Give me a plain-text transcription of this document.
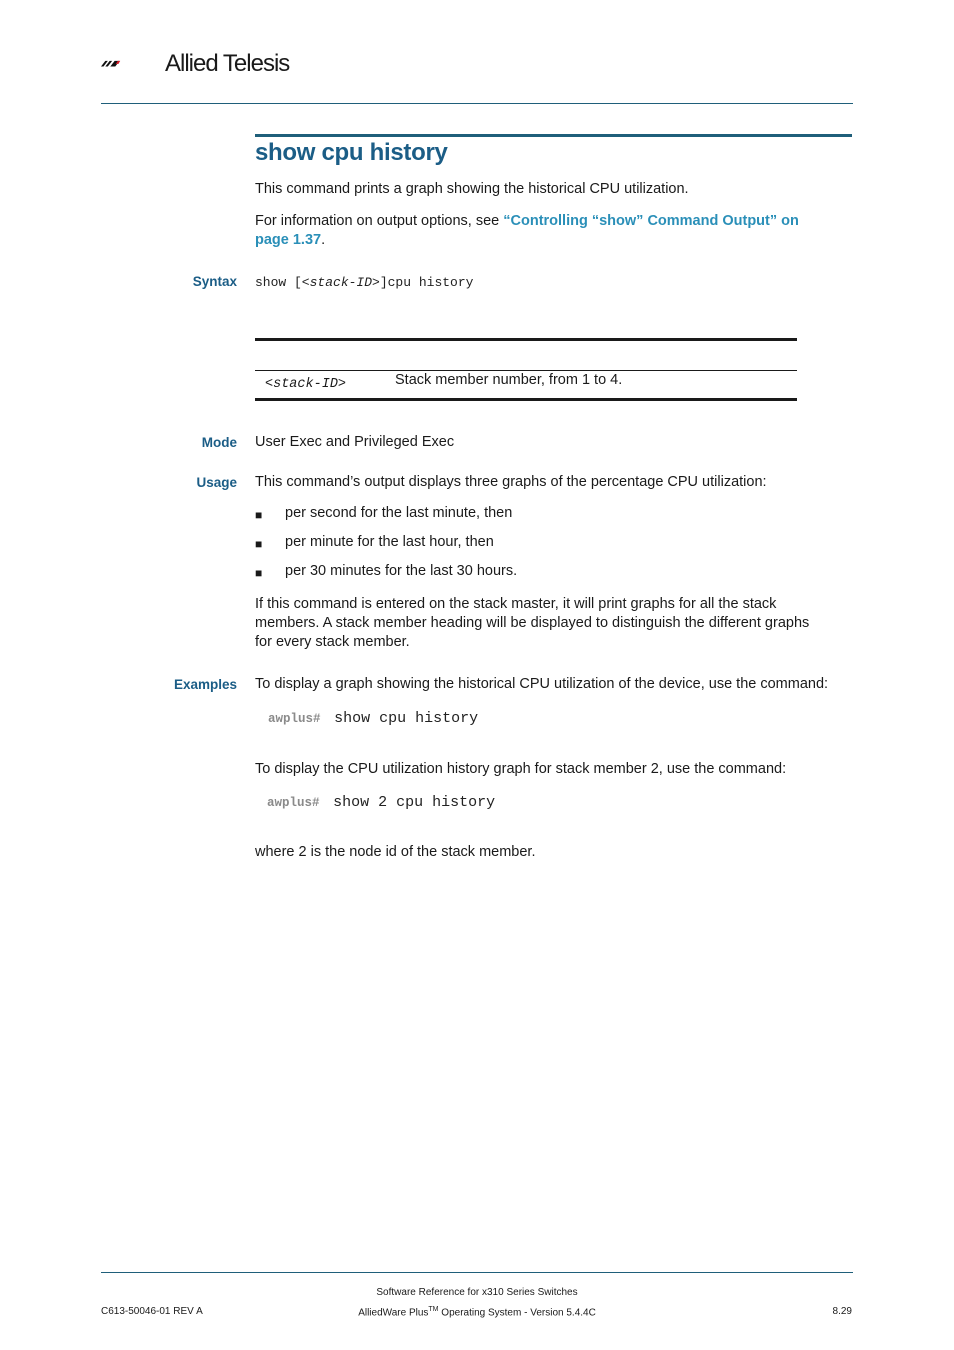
Allied Telesis
show cpu history
This command prints a graph showing the historical CPU utilization.
For information on output options, see “Controlling “show” Command Output” on
page 1.37.
Syntax show [<stack-ID>]cpu history
<stack-ID>	Stack member number, from 1 to 4.
Mode User Exec and Privileged Exec
Usage This command’s output displays three graphs of the percentage CPU utilization:
■ per second for the last minute, then
■ per minute for the last hour, then
■ per 30 minutes for the last 30 hours.
If this command is entered on the stack master, it will print graphs for all the stack
members. A stack member heading will be displayed to distinguish the different graphs
for every stack member.
Examples To display a graph showing the historical CPU utilization of the device, use the command:
awplus# show cpu history
To display the CPU utilization history graph for stack member 2, use the command:
awplus# show 2 cpu history
where 2 is the node id of the stack member.
Software Reference for x310 Series Switches
C613-50046-01 REV A	AlliedWare Plus™ Operating System - Version 5.4.4C	8.29
